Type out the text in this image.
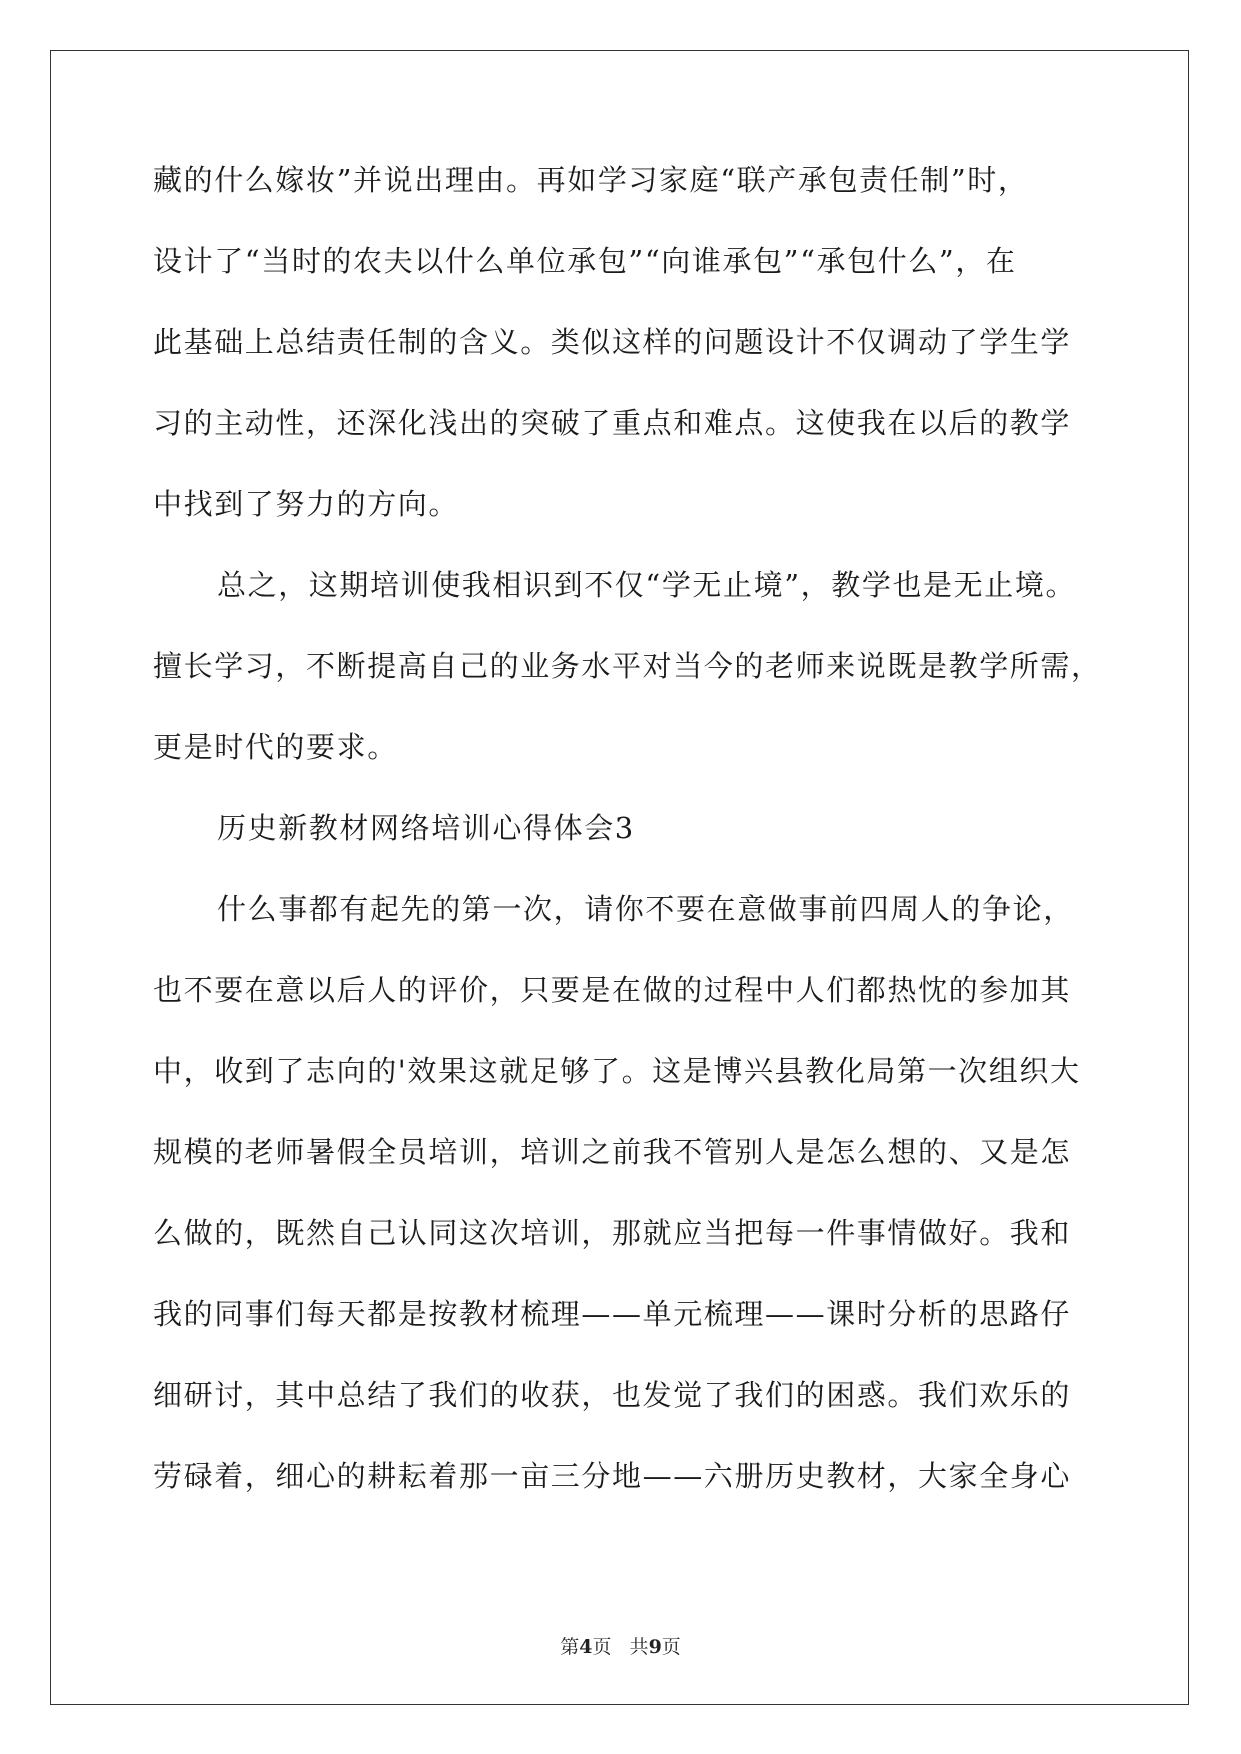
藏的什么嫁妆”并说出理由。再如学习家庭“联产承包责任制”时，
设计了“当时的农夫以什么单位承包”“向谁承包”“承包什么”，在
此基础上总结责任制的含义。类似这样的问题设计不仅调动了学生学
习的主动性，还深化浅出的突破了重点和难点。这使我在以后的教学
中找到了努力的方向。
总之，这期培训使我相识到不仅“学无止境”，教学也是无止境。
擅长学习，不断提高自己的业务水平对当今的老师来说既是教学所需，
更是时代的要求。
历史新教材网络培训心得体会3
什么事都有起先的第一次，请你不要在意做事前四周人的争论，
也不要在意以后人的评价，只要是在做的过程中人们都热忱的参加其
中，收到了志向的'效果这就足够了。这是博兴县教化局第一次组织大
规模的老师暑假全员培训，培训之前我不管别人是怎么想的、又是怎
么做的，既然自己认同这次培训，那就应当把每一件事情做好。我和
我的同事们每天都是按教材梳理——单元梳理——课时分析的思路仔
细研讨，其中总结了我们的收获，也发觉了我们的困惑。我们欢乐的
劳碌着，细心的耕耘着那一亩三分地——六册历史教材，大家全身心
第4页   共9页
